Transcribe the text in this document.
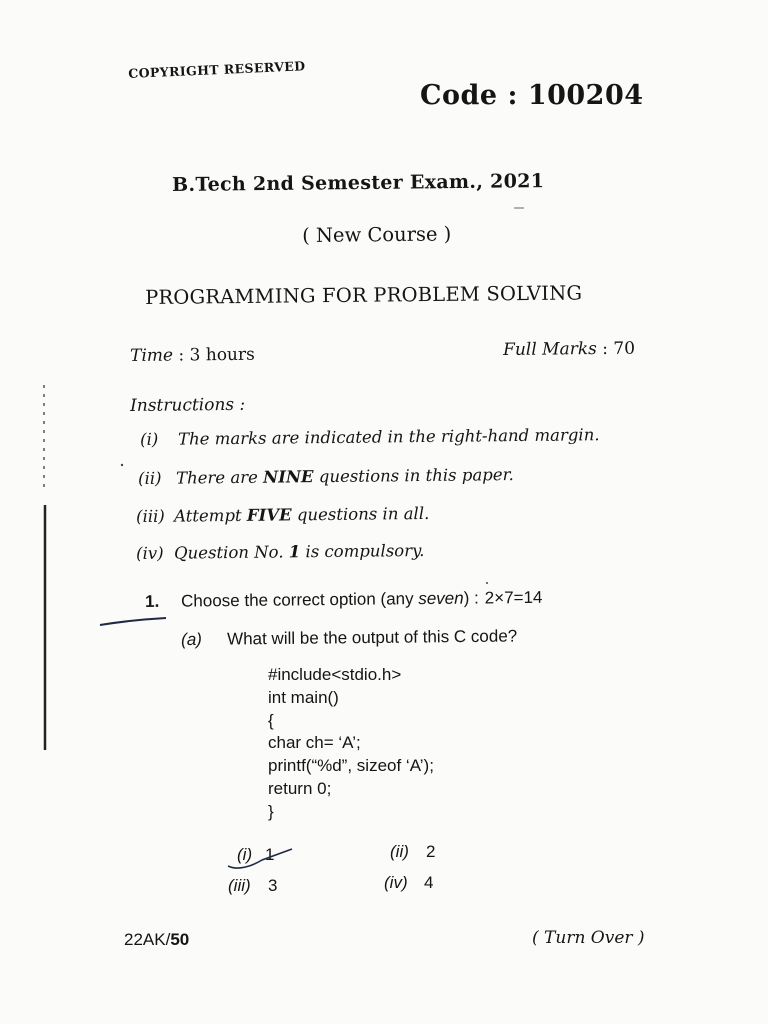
COPYRIGHT RESERVED
Code : 100204
B.Tech 2nd Semester Exam., 2021
( New Course )
PROGRAMMING FOR PROBLEM SOLVING
Time : 3 hours	Full Marks : 70
Instructions :
(i) The marks are indicated in the right-hand margin.
(ii) There are NINE questions in this paper.
(iii) Attempt FIVE questions in all.
(iv) Question No. 1 is compulsory.
1. Choose the correct option (any seven) : 2×7=14
(a) What will be the output of this C code?
#include<stdio.h>
int main()
{
char ch= ‘A’;
printf(“%d”, sizeof ‘A’);
return 0;
}
(i) 1	(ii) 2
(iii) 3	(iv) 4
22AK/50	( Turn Over )
